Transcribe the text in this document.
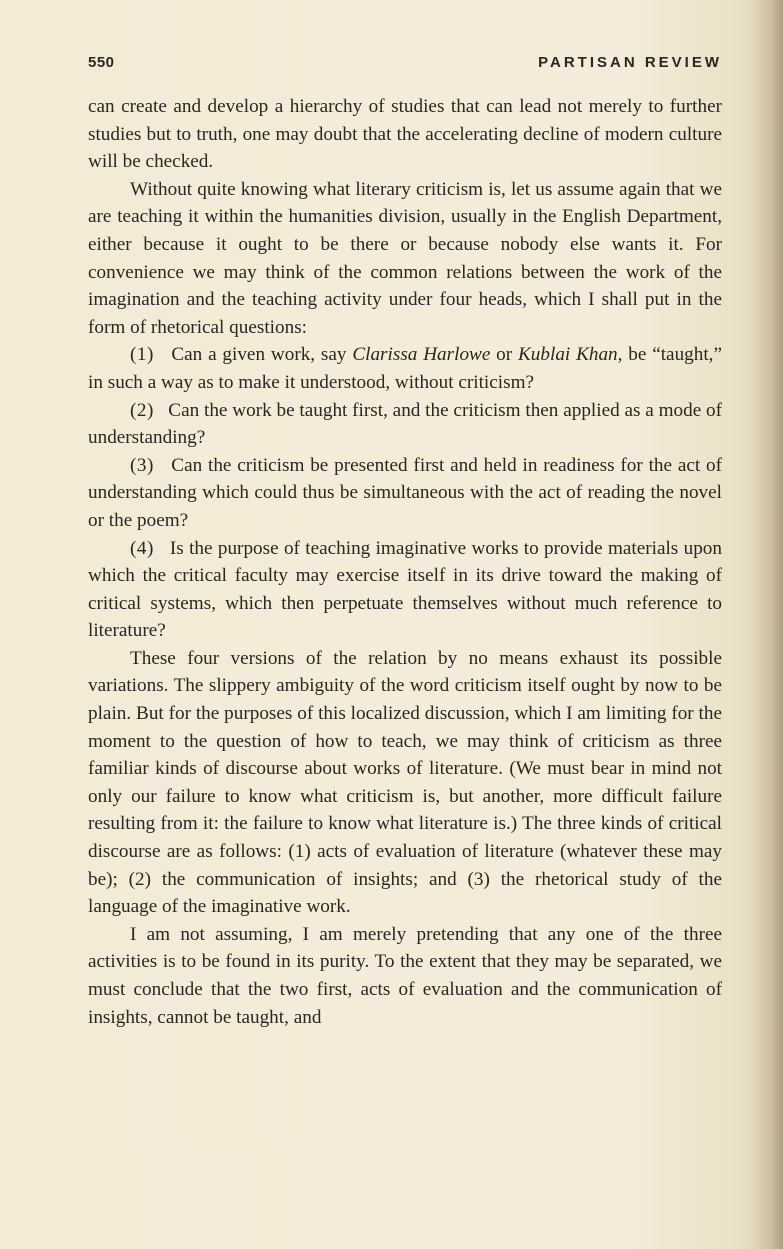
550	PARTISAN REVIEW

can create and develop a hierarchy of studies that can lead not merely to further studies but to truth, one may doubt that the accelerating decline of modern culture will be checked.

Without quite knowing what literary criticism is, let us assume again that we are teaching it within the humanities division, usually in the English Department, either because it ought to be there or because nobody else wants it. For convenience we may think of the common relations between the work of the imagination and the teaching activity under four heads, which I shall put in the form of rhetorical questions:

(1) Can a given work, say Clarissa Harlowe or Kublai Khan, be “taught,” in such a way as to make it understood, without criticism?

(2) Can the work be taught first, and the criticism then applied as a mode of understanding?

(3) Can the criticism be presented first and held in readiness for the act of understanding which could thus be simultaneous with the act of reading the novel or the poem?

(4) Is the purpose of teaching imaginative works to provide materials upon which the critical faculty may exercise itself in its drive toward the making of critical systems, which then perpetuate themselves without much reference to literature?

These four versions of the relation by no means exhaust its possible variations. The slippery ambiguity of the word criticism itself ought by now to be plain. But for the purposes of this localized discussion, which I am limiting for the moment to the question of how to teach, we may think of criticism as three familiar kinds of discourse about works of literature. (We must bear in mind not only our failure to know what criticism is, but another, more difficult failure resulting from it: the failure to know what literature is.) The three kinds of critical discourse are as follows: (1) acts of evaluation of literature (whatever these may be); (2) the communication of insights; and (3) the rhetorical study of the language of the imaginative work.

I am not assuming, I am merely pretending that any one of the three activities is to be found in its purity. To the extent that they may be separated, we must conclude that the two first, acts of evaluation and the communication of insights, cannot be taught, and
